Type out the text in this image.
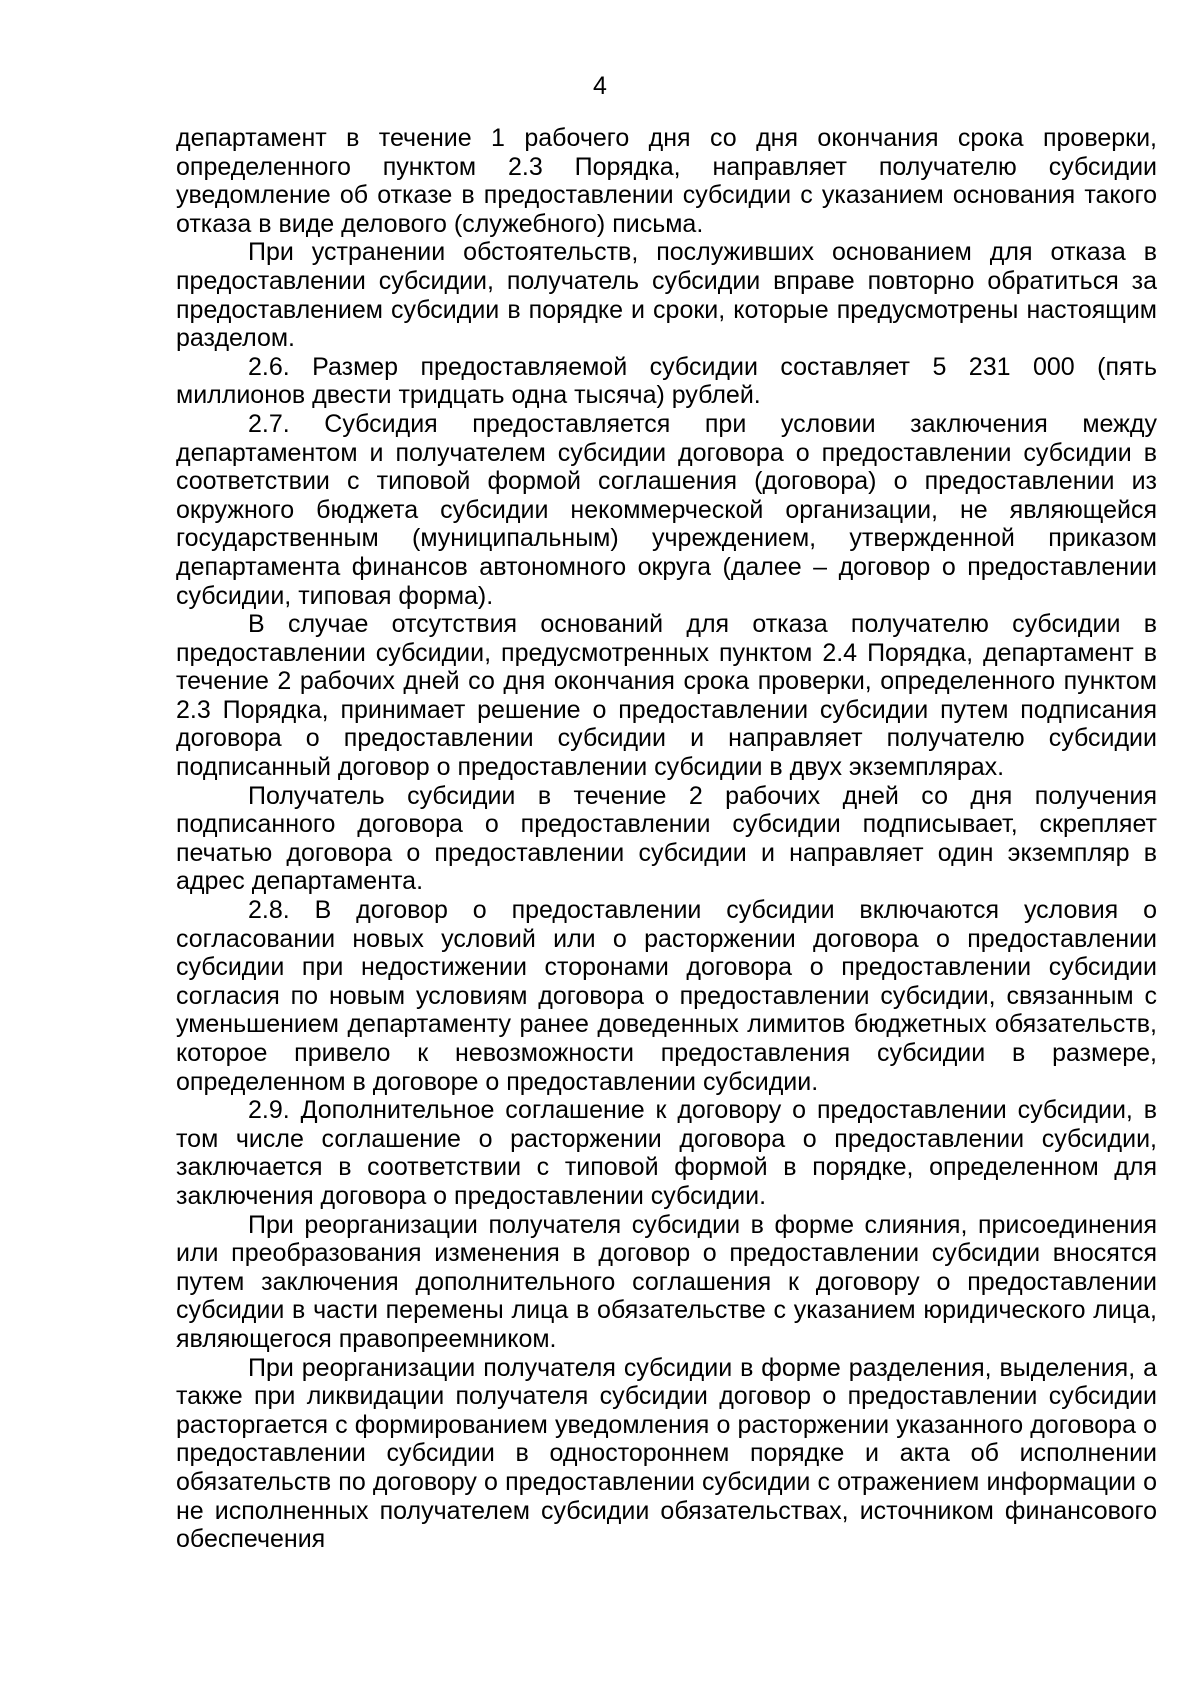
4

департамент в течение 1 рабочего дня со дня окончания срока проверки, определенного пунктом 2.3 Порядка, направляет получателю субсидии уведомление об отказе в предоставлении субсидии с указанием основания такого отказа в виде делового (служебного) письма.

При устранении обстоятельств, послуживших основанием для отказа в предоставлении субсидии, получатель субсидии вправе повторно обратиться за предоставлением субсидии в порядке и сроки, которые предусмотрены настоящим разделом.

2.6. Размер предоставляемой субсидии составляет 5 231 000 (пять миллионов двести тридцать одна тысяча) рублей.

2.7. Субсидия предоставляется при условии заключения между департаментом и получателем субсидии договора о предоставлении субсидии в соответствии с типовой формой соглашения (договора) о предоставлении из окружного бюджета субсидии некоммерческой организации, не являющейся государственным (муниципальным) учреждением, утвержденной приказом департамента финансов автономного округа (далее – договор о предоставлении субсидии, типовая форма).

В случае отсутствия оснований для отказа получателю субсидии в предоставлении субсидии, предусмотренных пунктом 2.4 Порядка, департамент в течение 2 рабочих дней со дня окончания срока проверки, определенного пунктом 2.3 Порядка, принимает решение о предоставлении субсидии путем подписания договора о предоставлении субсидии и направляет получателю субсидии подписанный договор о предоставлении субсидии в двух экземплярах.

Получатель субсидии в течение 2 рабочих дней со дня получения подписанного договора о предоставлении субсидии подписывает, скрепляет печатью договора о предоставлении субсидии и направляет один экземпляр в адрес департамента.

2.8. В договор о предоставлении субсидии включаются условия о согласовании новых условий или о расторжении договора о предоставлении субсидии при недостижении сторонами договора о предоставлении субсидии согласия по новым условиям договора о предоставлении субсидии, связанным с уменьшением департаменту ранее доведенных лимитов бюджетных обязательств, которое привело к невозможности предоставления субсидии в размере, определенном в договоре о предоставлении субсидии.

2.9. Дополнительное соглашение к договору о предоставлении субсидии, в том числе соглашение о расторжении договора о предоставлении субсидии, заключается в соответствии с типовой формой в порядке, определенном для заключения договора о предоставлении субсидии.

При реорганизации получателя субсидии в форме слияния, присоединения или преобразования изменения в договор о предоставлении субсидии вносятся путем заключения дополнительного соглашения к договору о предоставлении субсидии в части перемены лица в обязательстве с указанием юридического лица, являющегося правопреемником.

При реорганизации получателя субсидии в форме разделения, выделения, а также при ликвидации получателя субсидии договор о предоставлении субсидии расторгается с формированием уведомления о расторжении указанного договора о предоставлении субсидии в одностороннем порядке и акта об исполнении обязательств по договору о предоставлении субсидии с отражением информации о не исполненных получателем субсидии обязательствах, источником финансового обеспечения
